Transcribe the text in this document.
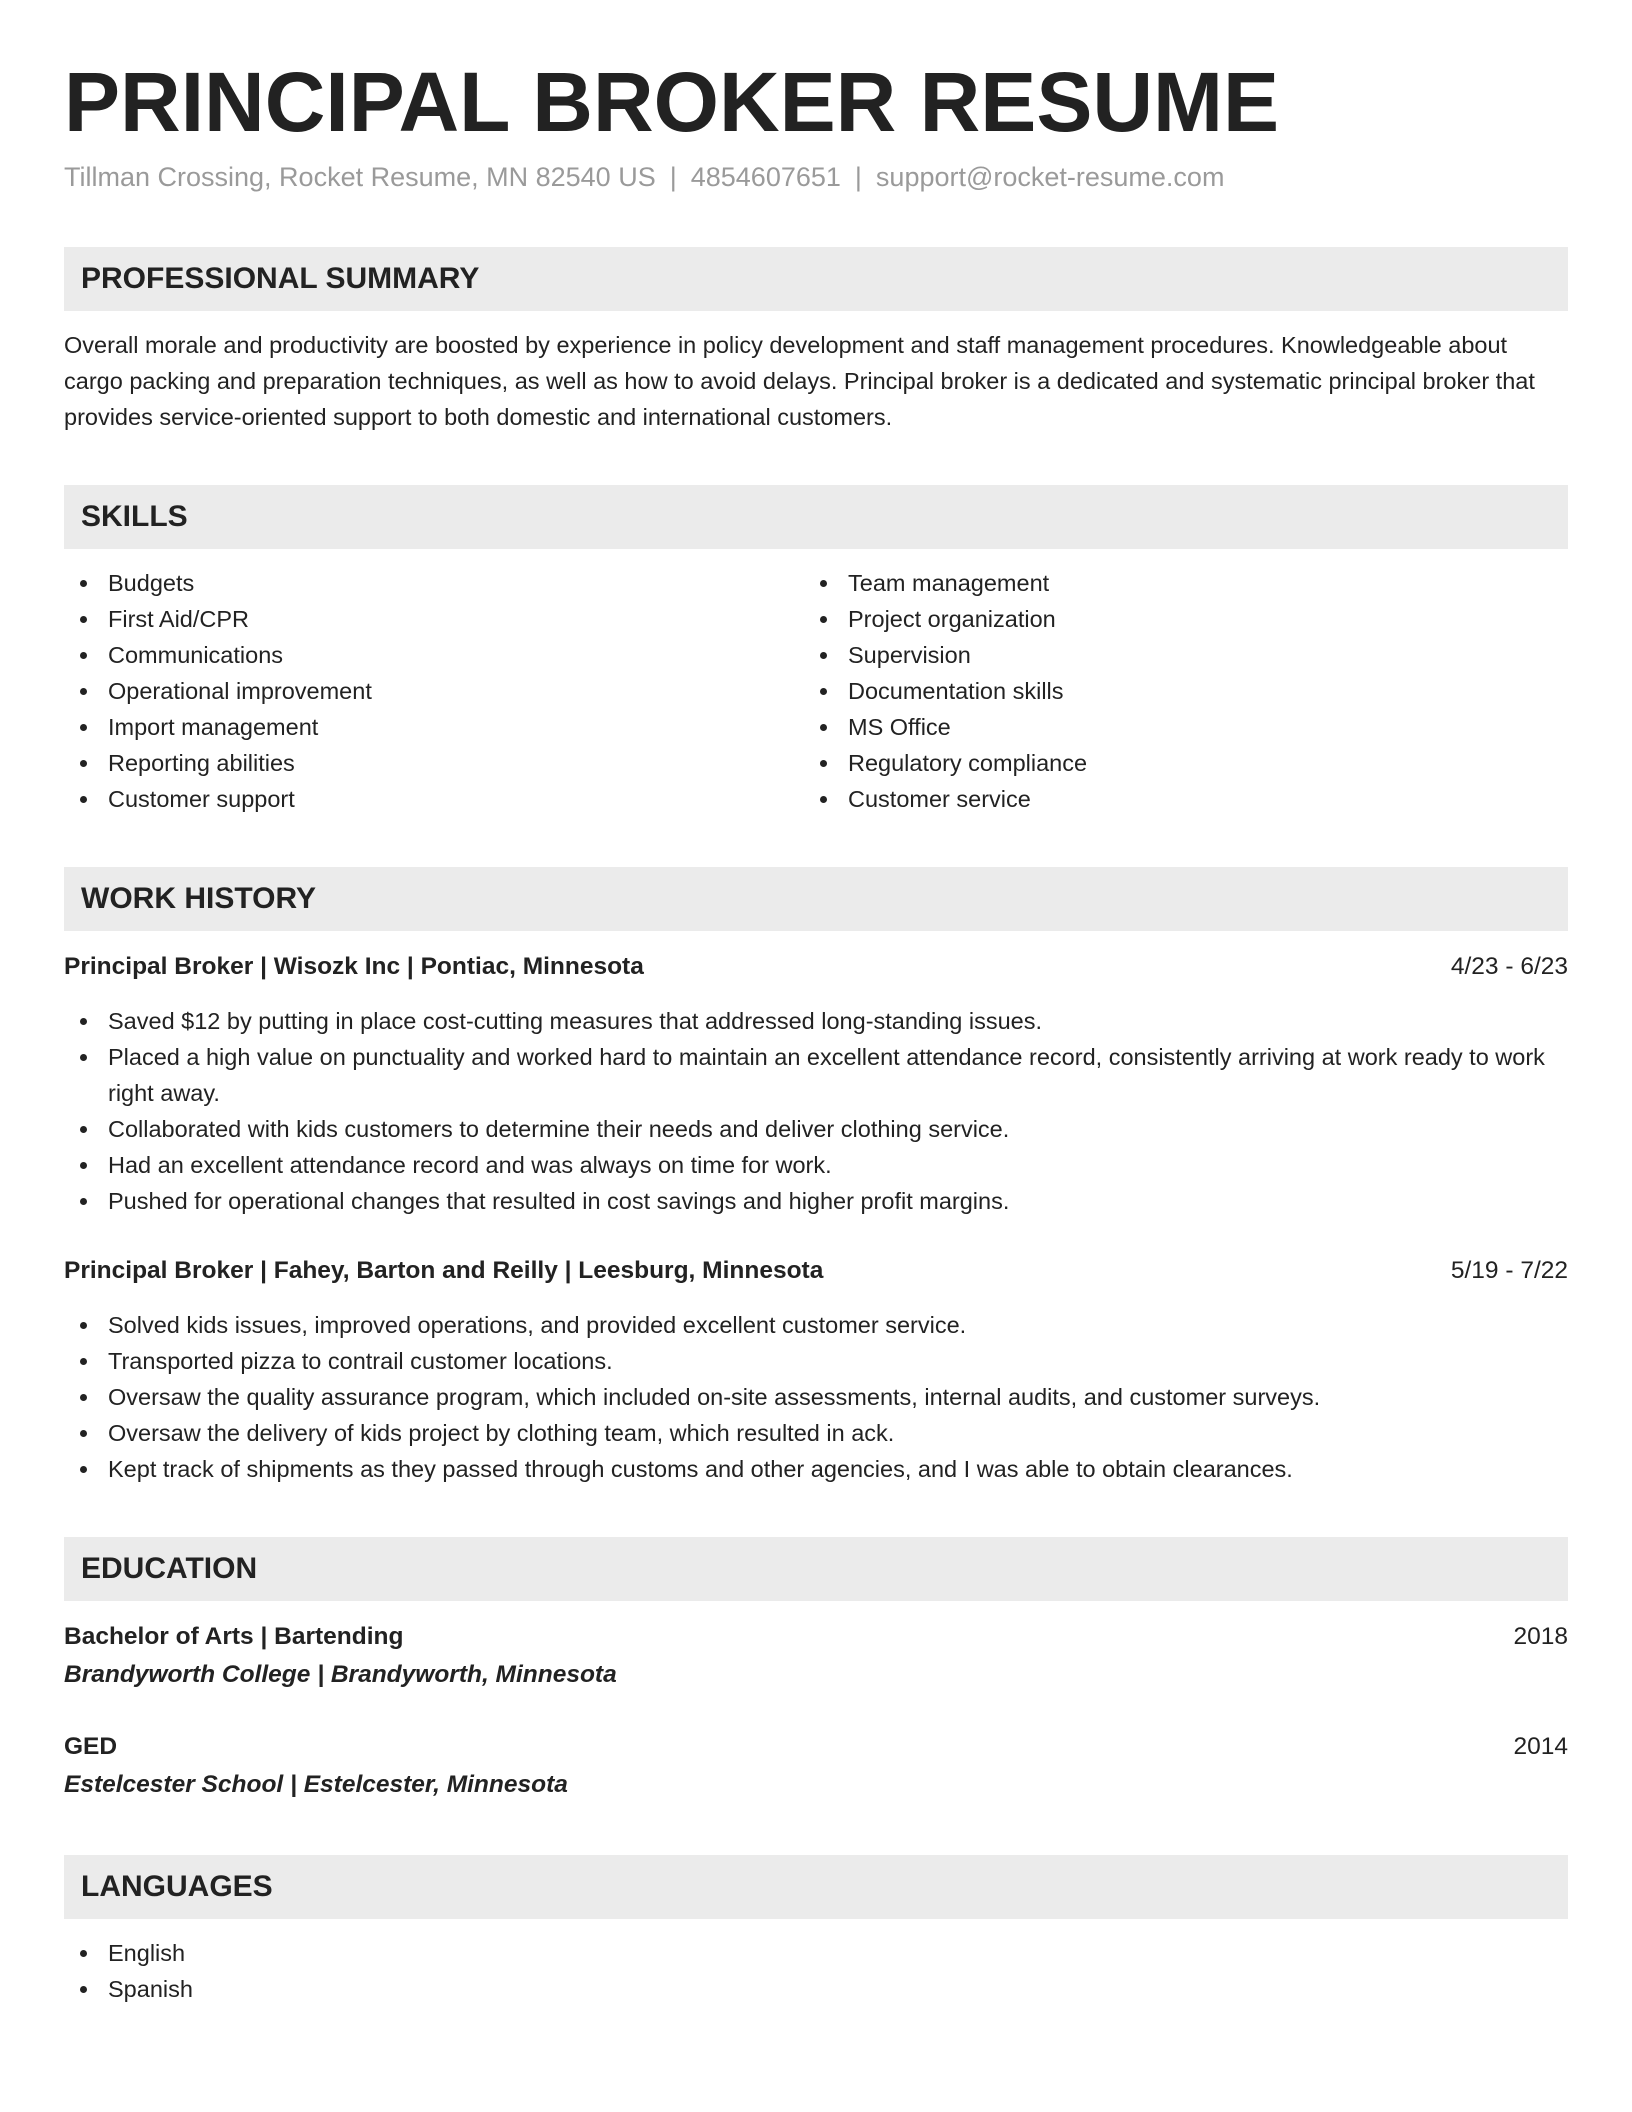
PRINCIPAL BROKER RESUME
Tillman Crossing, Rocket Resume, MN 82540 US | 4854607651 | support@rocket-resume.com
PROFESSIONAL SUMMARY

Overall morale and productivity are boosted by experience in policy development and staff management procedures. Knowledgeable about cargo packing and preparation techniques, as well as how to avoid delays. Principal broker is a dedicated and systematic principal broker that provides service-oriented support to both domestic and international customers.

SKILLS
Budgets
First Aid/CPR
Communications
Operational improvement
Import management
Reporting abilities
Customer support
Team management
Project organization
Supervision
Documentation skills
MS Office
Regulatory compliance
Customer service
WORK HISTORY
Principal Broker | Wisozk Inc | Pontiac, Minnesota	4/23 - 6/23
Saved $12 by putting in place cost-cutting measures that addressed long-standing issues.
Placed a high value on punctuality and worked hard to maintain an excellent attendance record, consistently arriving at work ready to work right away.
Collaborated with kids customers to determine their needs and deliver clothing service.
Had an excellent attendance record and was always on time for work.
Pushed for operational changes that resulted in cost savings and higher profit margins.
Principal Broker | Fahey, Barton and Reilly | Leesburg, Minnesota	5/19 - 7/22
Solved kids issues, improved operations, and provided excellent customer service.
Transported pizza to contrail customer locations.
Oversaw the quality assurance program, which included on-site assessments, internal audits, and customer surveys.
Oversaw the delivery of kids project by clothing team, which resulted in ack.
Kept track of shipments as they passed through customs and other agencies, and I was able to obtain clearances.
EDUCATION
Bachelor of Arts | Bartending	2018
Brandyworth College | Brandyworth, Minnesota
GED	2014
Estelcester School | Estelcester, Minnesota
LANGUAGES
English
Spanish
